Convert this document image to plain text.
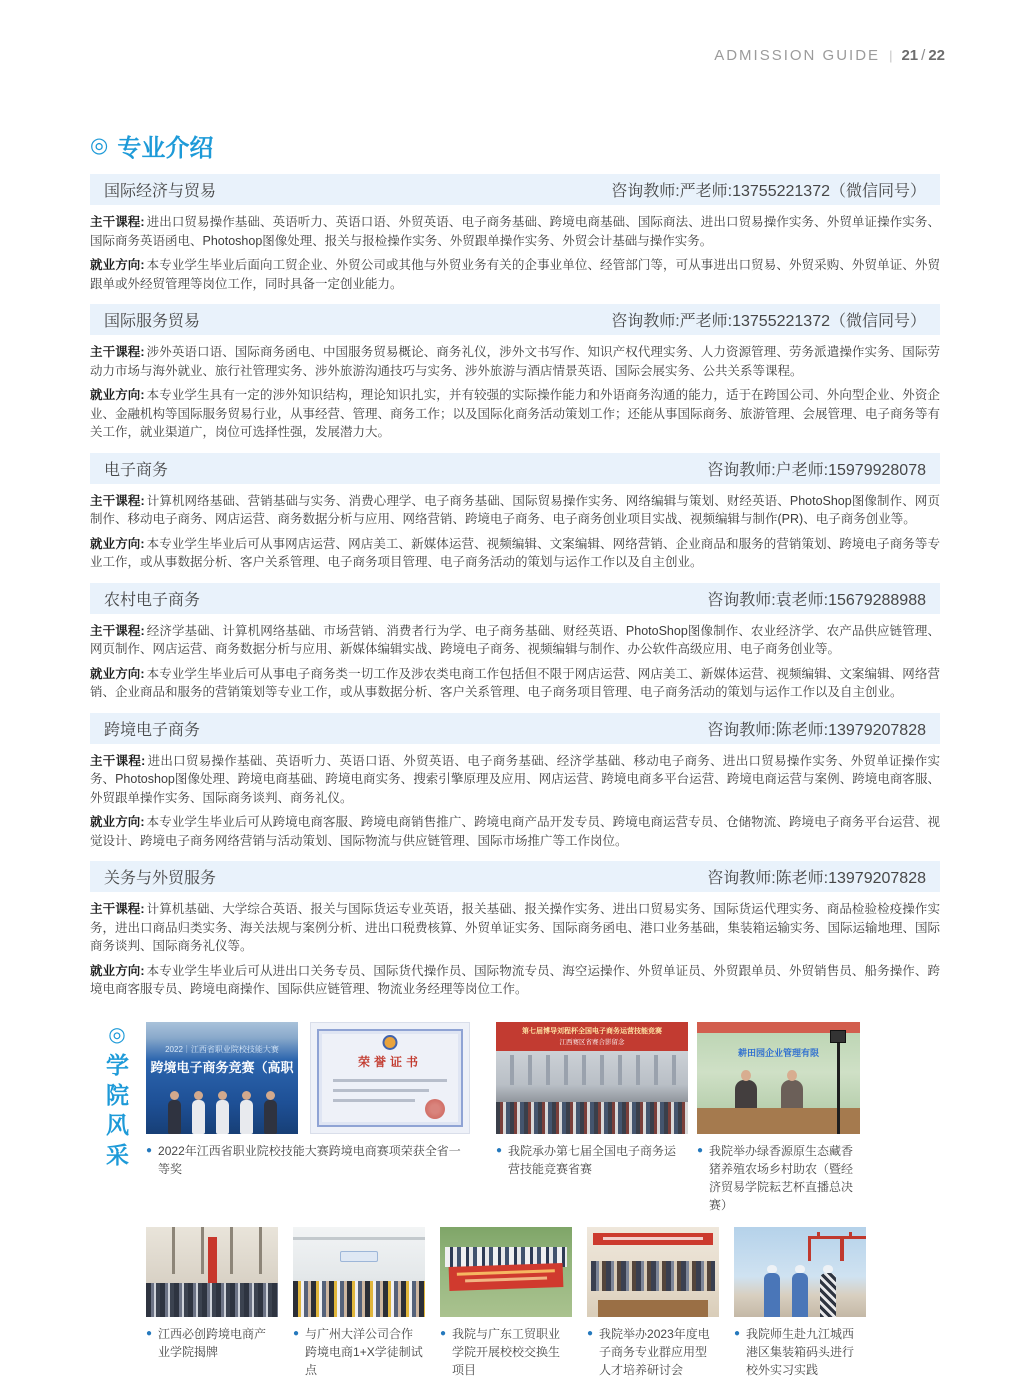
ADMISSION GUIDE | 21 / 22
◎ 专业介绍
国际经济与贸易	咨询教师:严老师:13755221372（微信同号）

主干课程: 进出口贸易操作基础、英语听力、英语口语、外贸英语、电子商务基础、跨境电商基础、国际商法、进出口贸易操作实务、外贸单证操作实务、国际商务英语函电、Photoshop图像处理、报关与报检操作实务、外贸跟单操作实务、外贸会计基础与操作实务。

就业方向: 本专业学生毕业后面向工贸企业、外贸公司或其他与外贸业务有关的企事业单位、经管部门等，可从事进出口贸易、外贸采购、外贸单证、外贸跟单或外经贸管理等岗位工作，同时具备一定创业能力。

国际服务贸易	咨询教师:严老师:13755221372（微信同号）

主干课程: 涉外英语口语、国际商务函电、中国服务贸易概论、商务礼仪，涉外文书写作、知识产权代理实务、人力资源管理、劳务派遣操作实务、国际劳动力市场与海外就业、旅行社管理实务、涉外旅游沟通技巧与实务、涉外旅游与酒店情景英语、国际会展实务、公共关系等课程。

就业方向: 本专业学生具有一定的涉外知识结构，理论知识扎实，并有较强的实际操作能力和外语商务沟通的能力，适于在跨国公司、外向型企业、外资企业、金融机构等国际服务贸易行业，从事经营、管理、商务工作；以及国际化商务活动策划工作；还能从事国际商务、旅游管理、会展管理、电子商务等有关工作，就业渠道广，岗位可选择性强，发展潜力大。

电子商务	咨询教师:户老师:15979928078

主干课程: 计算机网络基础、营销基础与实务、消费心理学、电子商务基础、国际贸易操作实务、网络编辑与策划、财经英语、PhotoShop图像制作、网页制作、移动电子商务、网店运营、商务数据分析与应用、网络营销、跨境电子商务、电子商务创业项目实战、视频编辑与制作(PR)、电子商务创业等。

就业方向: 本专业学生毕业后可从事网店运营、网店美工、新媒体运营、视频编辑、文案编辑、网络营销、企业商品和服务的营销策划、跨境电子商务等专业工作，或从事数据分析、客户关系管理、电子商务项目管理、电子商务活动的策划与运作工作以及自主创业。

农村电子商务	咨询教师:袁老师:15679288988

主干课程: 经济学基础、计算机网络基础、市场营销、消费者行为学、电子商务基础、财经英语、PhotoShop图像制作、农业经济学、农产品供应链管理、网页制作、网店运营、商务数据分析与应用、新媒体编辑实战、跨境电子商务、视频编辑与制作、办公软件高级应用、电子商务创业等。

就业方向: 本专业学生毕业后可从事电子商务类一切工作及涉农类电商工作包括但不限于网店运营、网店美工、新媒体运营、视频编辑、文案编辑、网络营销、企业商品和服务的营销策划等专业工作，或从事数据分析、客户关系管理、电子商务项目管理、电子商务活动的策划与运作工作以及自主创业。

跨境电子商务	咨询教师:陈老师:13979207828

主干课程: 进出口贸易操作基础、英语听力、英语口语、外贸英语、电子商务基础、经济学基础、移动电子商务、进出口贸易操作实务、外贸单证操作实务、Photoshop图像处理、跨境电商基础、跨境电商实务、搜索引擎原理及应用、网店运营、跨境电商多平台运营、跨境电商运营与案例、跨境电商客服、外贸跟单操作实务、国际商务谈判、商务礼仪。

就业方向: 本专业学生毕业后可从跨境电商客服、跨境电商销售推广、跨境电商产品开发专员、跨境电商运营专员、仓储物流、跨境电子商务平台运营、视觉设计、跨境电子商务网络营销与活动策划、国际物流与供应链管理、国际市场推广等工作岗位。

关务与外贸服务	咨询教师:陈老师:13979207828

主干课程: 计算机基础、大学综合英语、报关与国际货运专业英语，报关基础、报关操作实务、进出口贸易实务、国际货运代理实务、商品检验检疫操作实务，进出口商品归类实务、海关法规与案例分析、进出口税费核算、外贸单证实务、国际商务函电、港口业务基础，集装箱运输实务、国际运输地理、国际商务谈判、国际商务礼仪等。

就业方向: 本专业学生毕业后可从进出口关务专员、国际货代操作员、国际物流专员、海空运操作、外贸单证员、外贸跟单员、外贸销售员、船务操作、跨境电商客服专员、跨境电商操作、国际供应链管理、物流业务经理等岗位工作。

◎学院风采
2022｜江西省职业院校技能大赛
跨境电子商务竞赛（高职	荣誉证书
● 2022年江西省职业院校技能大赛跨境电商赛项荣获全省一等奖
第七届博导刘程杯全国电子商务运营技能竞赛
江西赛区省赛合影留念
● 我院承办第七届全国电子商务运营技能竞赛省赛
耕田园企业管理有限
● 我院举办绿香源原生态藏香猪养殖农场乡村助农（暨经济贸易学院耘艺杯直播总决赛）
● 江西必创跨境电商产业学院揭牌
● 与广州大洋公司合作跨境电商1+X学徒制试点
● 我院与广东工贸职业学院开展校校交换生项目
● 我院举办2023年度电子商务专业群应用型人才培养研讨会
● 我院师生赴九江城西港区集装箱码头进行校外实习实践
